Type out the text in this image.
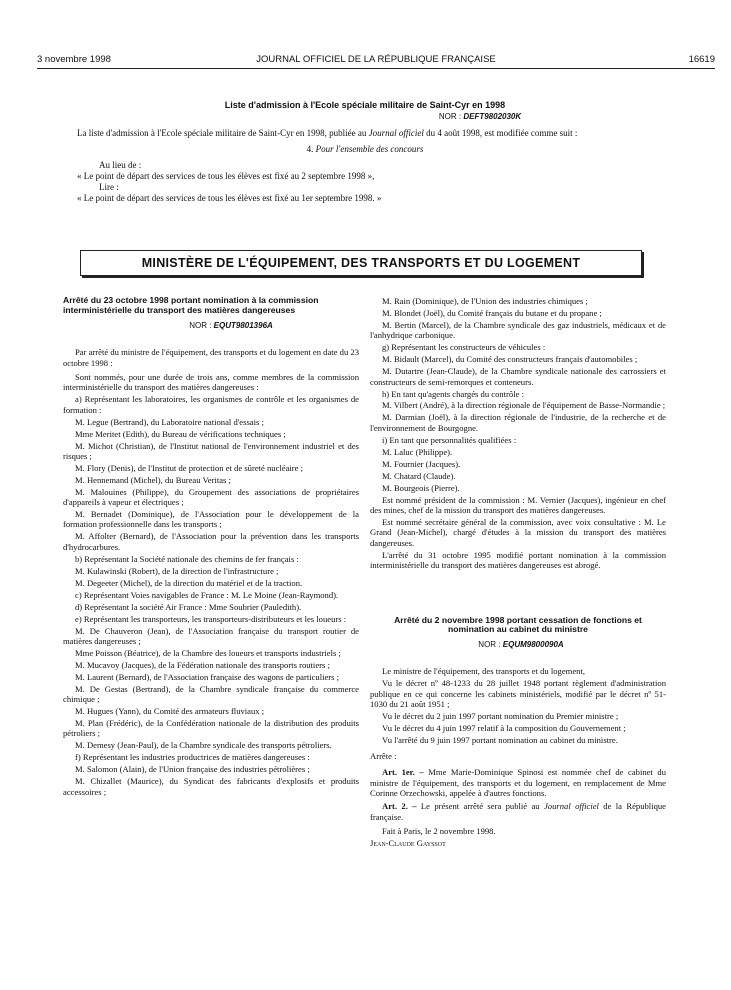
3 novembre 1998	JOURNAL OFFICIEL DE LA RÉPUBLIQUE FRANÇAISE	16619
Liste d'admission à l'Ecole spéciale militaire de Saint-Cyr en 1998
NOR : DEFT9802030K
La liste d'admission à l'Ecole spéciale militaire de Saint-Cyr en 1998, publiée au Journal officiel du 4 août 1998, est modifiée comme suit :
4. Pour l'ensemble des concours
Au lieu de :
« Le point de départ des services de tous les élèves est fixé au 2 septembre 1998 »,
Lire :
« Le point de départ des services de tous les élèves est fixé au 1er septembre 1998. »
MINISTÈRE DE L'ÉQUIPEMENT, DES TRANSPORTS ET DU LOGEMENT
Arrêté du 23 octobre 1998 portant nomination à la commission interministérielle du transport des matières dangereuses
NOR : EQUT9801396A

Par arrêté du ministre de l'équipement, des transports et du logement en date du 23 octobre 1998 :

Sont nommés, pour une durée de trois ans, comme membres de la commission interministérielle du transport des matières dangereuses :

a) Représentant les laboratoires, les organismes de contrôle et les organismes de formation :

M. Legue (Bertrand), du Laboratoire national d'essais ;

Mme Meritet (Edith), du Bureau de vérifications techniques ;

M. Michot (Christian), de l'Institut national de l'environnement industriel et des risques ;

M. Flory (Denis), de l'Institut de protection et de sûreté nucléaire ;

M. Hennemand (Michel), du Bureau Veritas ;

M. Malouines (Philippe), du Groupement des associations de propriétaires d'appareils à vapeur et électriques ;

M. Bernadet (Dominique), de l'Association pour le développement de la formation professionnelle dans les transports ;

M. Affolter (Bernard), de l'Association pour la prévention dans les transports d'hydrocarbures.

b) Représentant la Société nationale des chemins de fer français :

M. Kulawinski (Robert), de la direction de l'infrastructure ;

M. Degeeter (Michel), de la direction du matériel et de la traction.

c) Représentant Voies navigables de France : M. Le Moine (Jean-Raymond).

d) Représentant la société Air France : Mme Soubrier (Pauledith).

e) Représentant les transporteurs, les transporteurs-distributeurs et les loueurs :

M. De Chauveron (Jean), de l'Association française du transport routier de matières dangereuses ;

Mme Poisson (Béatrice), de la Chambre des loueurs et transports industriels ;

M. Mucavoy (Jacques), de la Fédération nationale des transports routiers ;

M. Laurent (Bernard), de l'Association française des wagons de particuliers ;

M. De Gestas (Bertrand), de la Chambre syndicale française du commerce chimique ;

M. Hugues (Yann), du Comité des armateurs fluviaux ;

M. Plan (Frédéric), de la Confédération nationale de la distribution des produits pétroliers ;

M. Demesy (Jean-Paul), de la Chambre syndicale des transports pétroliers.

f) Représentant les industries productrices de matières dangereuses :

M. Salomon (Alain), de l'Union française des industries pétrolières ;

M. Chizallet (Maurice), du Syndicat des fabricants d'explosifs et produits accessoires ;

M. Rain (Dominique), de l'Union des industries chimiques ;

M. Blondet (Joël), du Comité français du butane et du propane ;

M. Bertin (Marcel), de la Chambre syndicale des gaz industriels, médicaux et de l'anhydrique carbonique.

g) Représentant les constructeurs de véhicules :

M. Bidault (Marcel), du Comité des constructeurs français d'automobiles ;

M. Dutartre (Jean-Claude), de la Chambre syndicale nationale des carrossiers et constructeurs de semi-remorques et conteneurs.

h) En tant qu'agents chargés du contrôle :

M. Vilbert (André), à la direction régionale de l'équipement de Basse-Normandie ;

M. Darmian (Joël), à la direction régionale de l'industrie, de la recherche et de l'environnement de Bourgogne.

i) En tant que personnalités qualifiées :

M. Laluc (Philippe).

M. Fournier (Jacques).

M. Chatard (Claude).

M. Bourgeois (Pierre).

Est nommé président de la commission : M. Vernier (Jacques), ingénieur en chef des mines, chef de la mission du transport des matières dangereuses.

Est nommé secrétaire général de la commission, avec voix consultative : M. Le Grand (Jean-Michel), chargé d'études à la mission du transport des matières dangereuses.

L'arrêté du 31 octobre 1995 modifié portant nomination à la commission interministérielle du transport des matières dangereuses est abrogé.

Arrêté du 2 novembre 1998 portant cessation de fonctions et nomination au cabinet du ministre
NOR : EQUM9800090A

Le ministre de l'équipement, des transports et du logement,

Vu le décret nº 48-1233 du 28 juillet 1948 portant règlement d'administration publique en ce qui concerne les cabinets ministériels, modifié par le décret nº 51-1030 du 21 août 1951 ;

Vu le décret du 2 juin 1997 portant nomination du Premier ministre ;

Vu le décret du 4 juin 1997 relatif à la composition du Gouvernement ;

Vu l'arrêté du 9 juin 1997 portant nomination au cabinet du ministre.

Arrête :

Art. 1er. – Mme Marie-Dominique Spinosi est nommée chef de cabinet du ministre de l'équipement, des transports et du logement, en remplacement de Mme Corinne Orzechowski, appelée à d'autres fonctions.

Art. 2. – Le présent arrêté sera publié au Journal officiel de la République française.

Fait à Paris, le 2 novembre 1998.

Jean-Claude Gayssot
